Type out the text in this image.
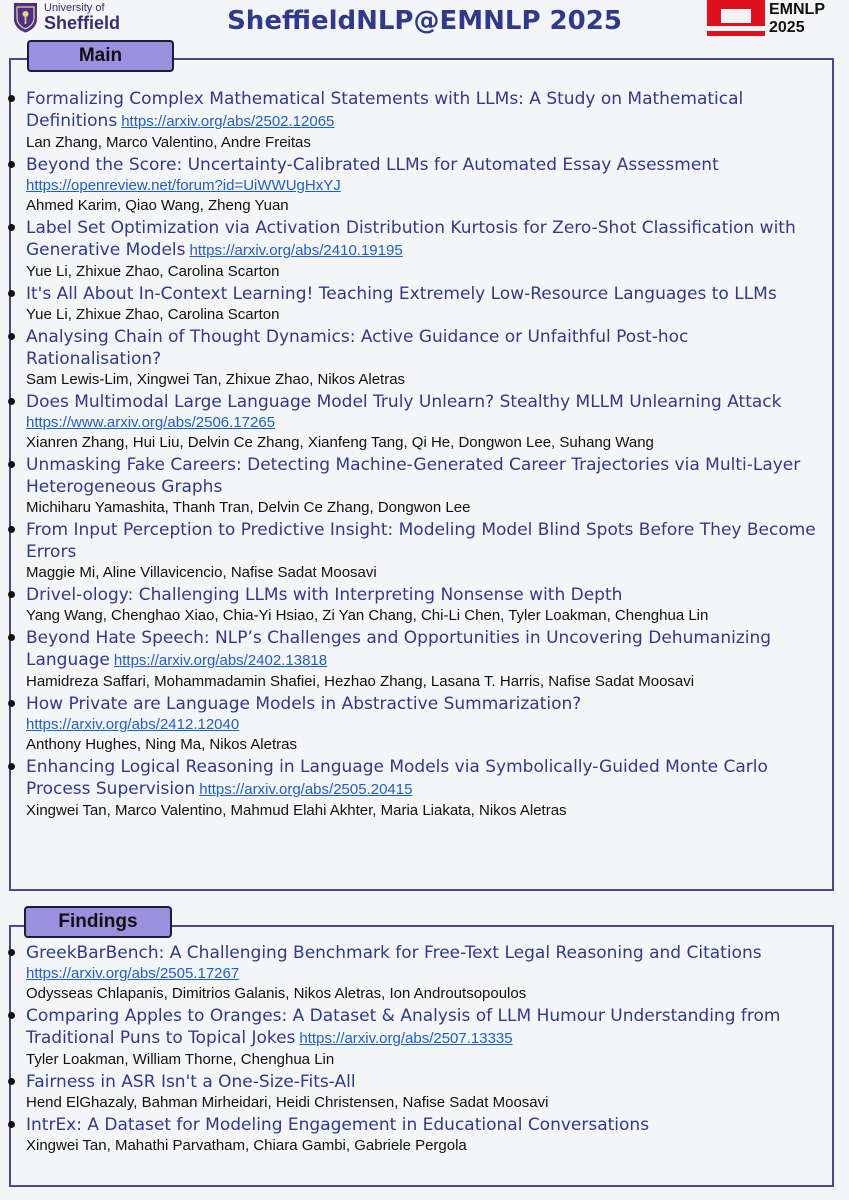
University of
Sheffield	SheffieldNLP@EMNLP 2025	EMNLP
2025
Formalizing Complex Mathematical Statements with LLMs: A Study on Mathematical Definitions https://arxiv.org/abs/2502.12065
Lan Zhang, Marco Valentino, Andre Freitas
Beyond the Score: Uncertainty-Calibrated LLMs for Automated Essay Assessment
https://openreview.net/forum?id=UiWWUgHxYJ
Ahmed Karim, Qiao Wang, Zheng Yuan
Label Set Optimization via Activation Distribution Kurtosis for Zero-Shot Classification with Generative Models https://arxiv.org/abs/2410.19195
Yue Li, Zhixue Zhao, Carolina Scarton
It's All About In-Context Learning! Teaching Extremely Low-Resource Languages to LLMs
Yue Li, Zhixue Zhao, Carolina Scarton
Analysing Chain of Thought Dynamics: Active Guidance or Unfaithful Post-hoc Rationalisation?
Sam Lewis-Lim, Xingwei Tan, Zhixue Zhao, Nikos Aletras
Does Multimodal Large Language Model Truly Unlearn? Stealthy MLLM Unlearning Attack
https://www.arxiv.org/abs/2506.17265
Xianren Zhang, Hui Liu, Delvin Ce Zhang, Xianfeng Tang, Qi He, Dongwon Lee, Suhang Wang
Unmasking Fake Careers: Detecting Machine-Generated Career Trajectories via Multi-Layer Heterogeneous Graphs
Michiharu Yamashita, Thanh Tran, Delvin Ce Zhang, Dongwon Lee
From Input Perception to Predictive Insight: Modeling Model Blind Spots Before They Become Errors
Maggie Mi, Aline Villavicencio, Nafise Sadat Moosavi
Drivel-ology: Challenging LLMs with Interpreting Nonsense with Depth
Yang Wang, Chenghao Xiao, Chia-Yi Hsiao, Zi Yan Chang, Chi-Li Chen, Tyler Loakman, Chenghua Lin
Beyond Hate Speech: NLP’s Challenges and Opportunities in Uncovering Dehumanizing Language https://arxiv.org/abs/2402.13818
Hamidreza Saffari, Mohammadamin Shafiei, Hezhao Zhang, Lasana T. Harris, Nafise Sadat Moosavi
How Private are Language Models in Abstractive Summarization?
https://arxiv.org/abs/2412.12040
Anthony Hughes, Ning Ma, Nikos Aletras
Enhancing Logical Reasoning in Language Models via Symbolically-Guided Monte Carlo Process Supervision https://arxiv.org/abs/2505.20415
Xingwei Tan, Marco Valentino, Mahmud Elahi Akhter, Maria Liakata, Nikos Aletras
Main
GreekBarBench: A Challenging Benchmark for Free-Text Legal Reasoning and Citations
https://arxiv.org/abs/2505.17267
Odysseas Chlapanis, Dimitrios Galanis, Nikos Aletras, Ion Androutsopoulos
Comparing Apples to Oranges: A Dataset & Analysis of LLM Humour Understanding from Traditional Puns to Topical Jokes https://arxiv.org/abs/2507.13335
Tyler Loakman, William Thorne, Chenghua Lin
Fairness in ASR Isn't a One-Size-Fits-All
Hend ElGhazaly, Bahman Mirheidari, Heidi Christensen, Nafise Sadat Moosavi
IntrEx: A Dataset for Modeling Engagement in Educational Conversations
Xingwei Tan, Mahathi Parvatham, Chiara Gambi, Gabriele Pergola
Findings
